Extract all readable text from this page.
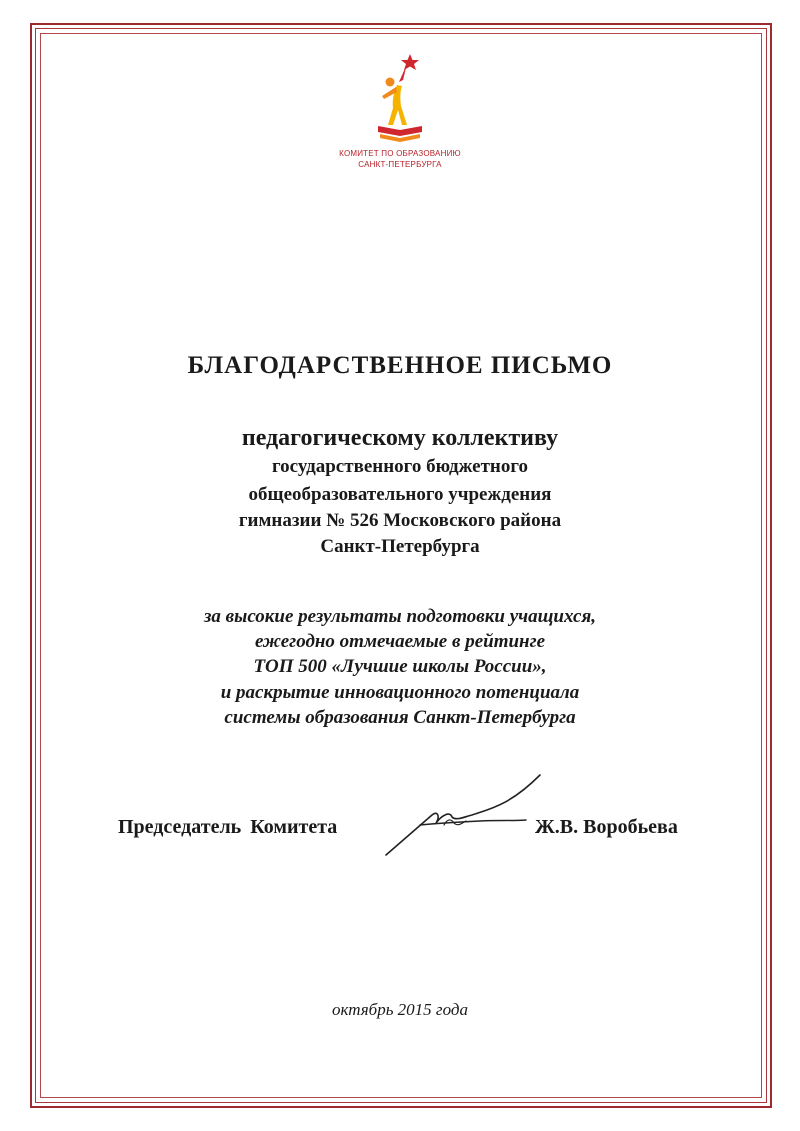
КОМИТЕТ ПО ОБРАЗОВАНИЮ
САНКТ-ПЕТЕРБУРГА
БЛАГОДАРСТВЕННОЕ ПИСЬМО
педагогическому коллективу
государственного бюджетного
общеобразовательного учреждения
гимназии № 526 Московского района
Санкт-Петербурга
за высокие результаты подготовки учащихся,
ежегодно отмечаемые в рейтинге
ТОП 500 «Лучшие школы России»,
и раскрытие инновационного потенциала
системы образования Санкт-Петербурга
Председатель Комитета	Ж.В. Воробьева
октябрь 2015 года
